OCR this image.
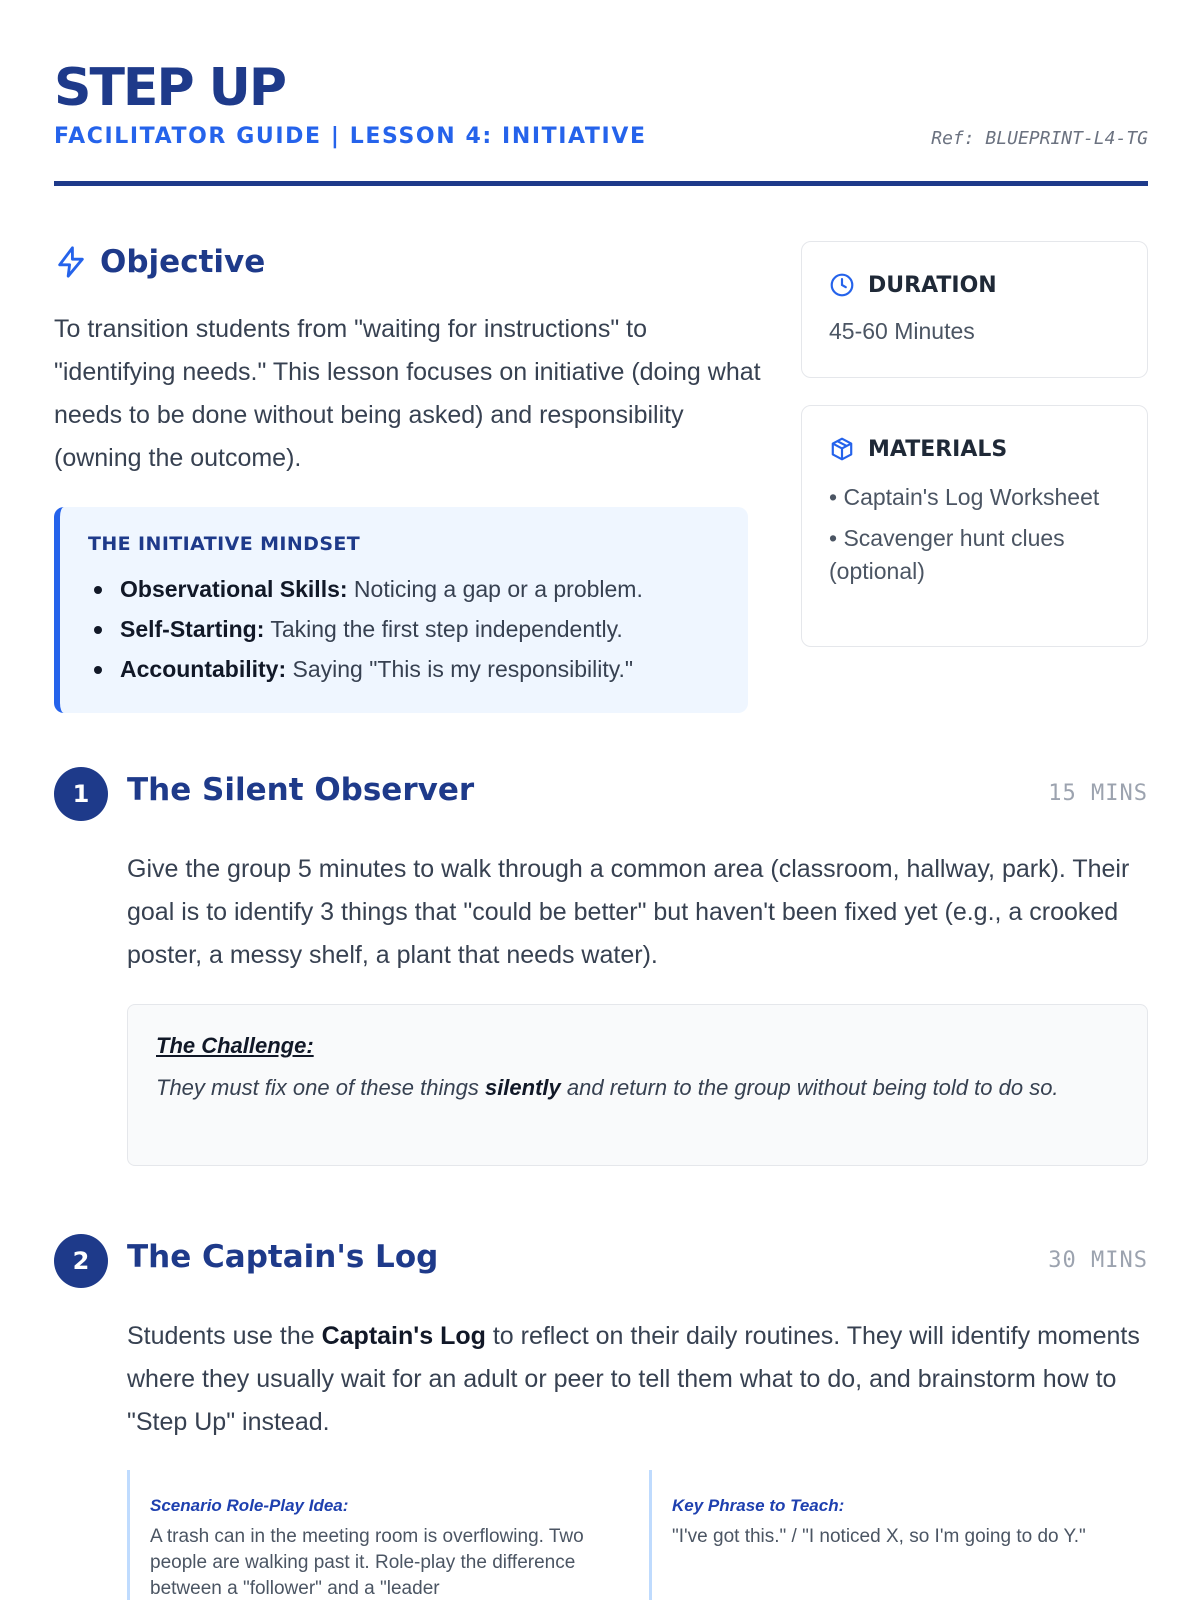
STEP UP
FACILITATOR GUIDE | LESSON 4: INITIATIVE	Ref: BLUEPRINT-L4-TG
Objective

To transition students from "waiting for instructions" to "identifying needs." This lesson focuses on initiative (doing what needs to be done without being asked) and responsibility (owning the outcome).

THE INITIATIVE MINDSET
Observational Skills: Noticing a gap or a problem.
Self-Starting: Taking the first step independently.
Accountability: Saying "This is my responsibility."
DURATION
45-60 Minutes
MATERIALS
• Captain's Log Worksheet
• Scavenger hunt clues (optional)
1	The Silent Observer	15 MINS

Give the group 5 minutes to walk through a common area (classroom, hallway, park). Their goal is to identify 3 things that "could be better" but haven't been fixed yet (e.g., a crooked poster, a messy shelf, a plant that needs water).

The Challenge:

They must fix one of these things silently and return to the group without being told to do so.

2	The Captain's Log	30 MINS

Students use the Captain's Log to reflect on their daily routines. They will identify moments where they usually wait for an adult or peer to tell them what to do, and brainstorm how to "Step Up" instead.

Scenario Role-Play Idea:
A trash can in the meeting room is overflowing. Two people are walking past it. Role-play the difference between a "follower" and a "leader
Key Phrase to Teach:
"I've got this." / "I noticed X, so I'm going to do Y."
